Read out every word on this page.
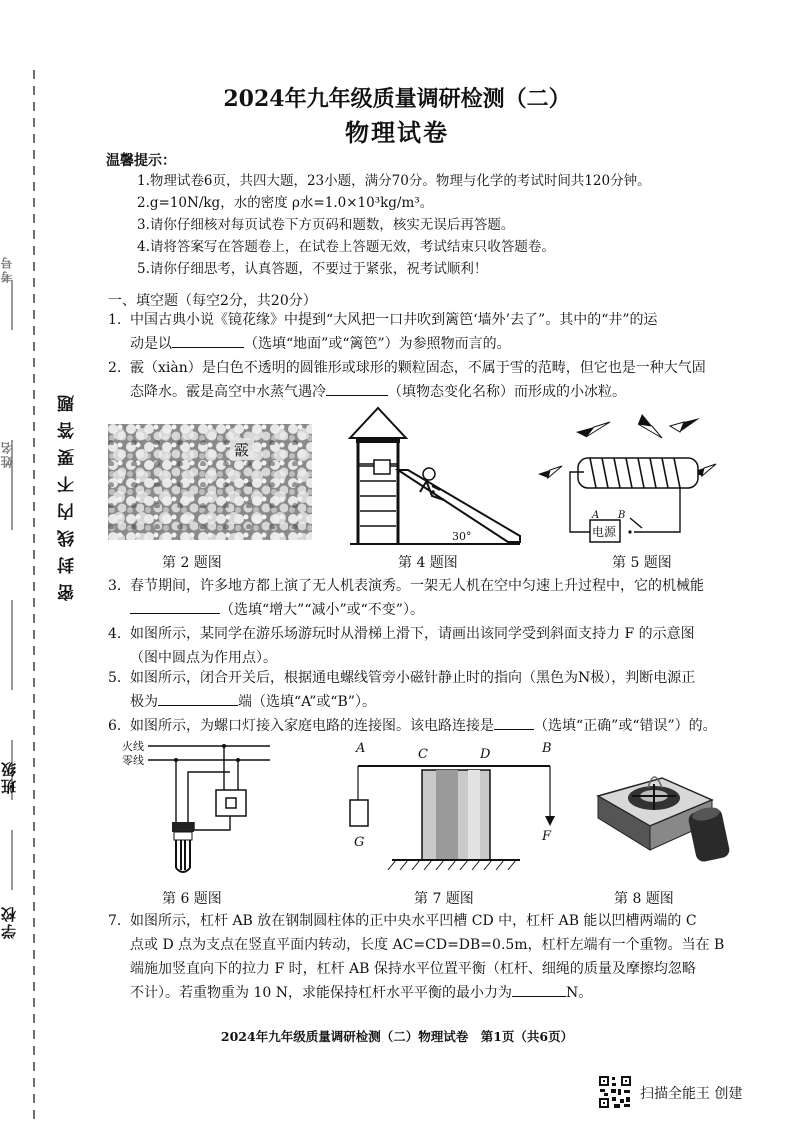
密封线内不要答题
学校
班级
姓名
考号
2024年九年级质量调研检测（二）
物理试卷
温馨提示：
1.物理试卷6页，共四大题，23小题，满分70分。物理与化学的考试时间共120分钟。
2.g=10N/kg，水的密度 ρ水=1.0×10³kg/m³。
3.请你仔细核对每页试卷下方页码和题数，核实无误后再答题。
4.请将答案写在答题卷上，在试卷上答题无效，考试结束只收答题卷。
5.请你仔细思考，认真答题，不要过于紧张，祝考试顺利！
一、填空题（每空2分，共20分）
1. 中国古典小说《镜花缘》中提到“大风把一口井吹到篱笆‘墙外’去了”。其中的“井”的运
动是以	（选填“地面”或“篱笆”）为参照物而言的。
2. 霰（xiàn）是白色不透明的圆锥形或球形的颗粒固态，不属于雪的范畴，但它也是一种大气固
态降水。霰是高空中水蒸气遇冷	（填物态变化名称）而形成的小冰粒。
霰
第 2 题图
30°
第 4 题图
电源
A B
第 5 题图
3. 春节期间，许多地方都上演了无人机表演秀。一架无人机在空中匀速上升过程中，它的机械能
（选填“增大”“减小”或“不变”）。
4. 如图所示，某同学在游乐场游玩时从滑梯上滑下，请画出该同学受到斜面支持力 F 的示意图
（图中圆点为作用点）。
5. 如图所示，闭合开关后，根据通电螺线管旁小磁针静止时的指向（黑色为N极），判断电源正
极为	端（选填“A”或“B”）。
6. 如图所示，为螺口灯接入家庭电路的连接图。该电路连接是	（选填“正确”或“错误”）的。
火线
零线
第 6 题图
A	C	D	B
G	F
第 7 题图	第 8 题图
7. 如图所示，杠杆 AB 放在钢制圆柱体的正中央水平凹槽 CD 中，杠杆 AB 能以凹槽两端的 C
点或 D 点为支点在竖直平面内转动，长度 AC=CD=DB=0.5m，杠杆左端有一个重物。当在 B
端施加竖直向下的拉力 F 时，杠杆 AB 保持水平位置平衡（杠杆、细绳的质量及摩擦均忽略
不计）。若重物重为 10 N，求能保持杠杆水平平衡的最小力为	N。
2024年九年级质量调研检测（二）物理试卷　第1页（共6页）
扫描全能王 创建
